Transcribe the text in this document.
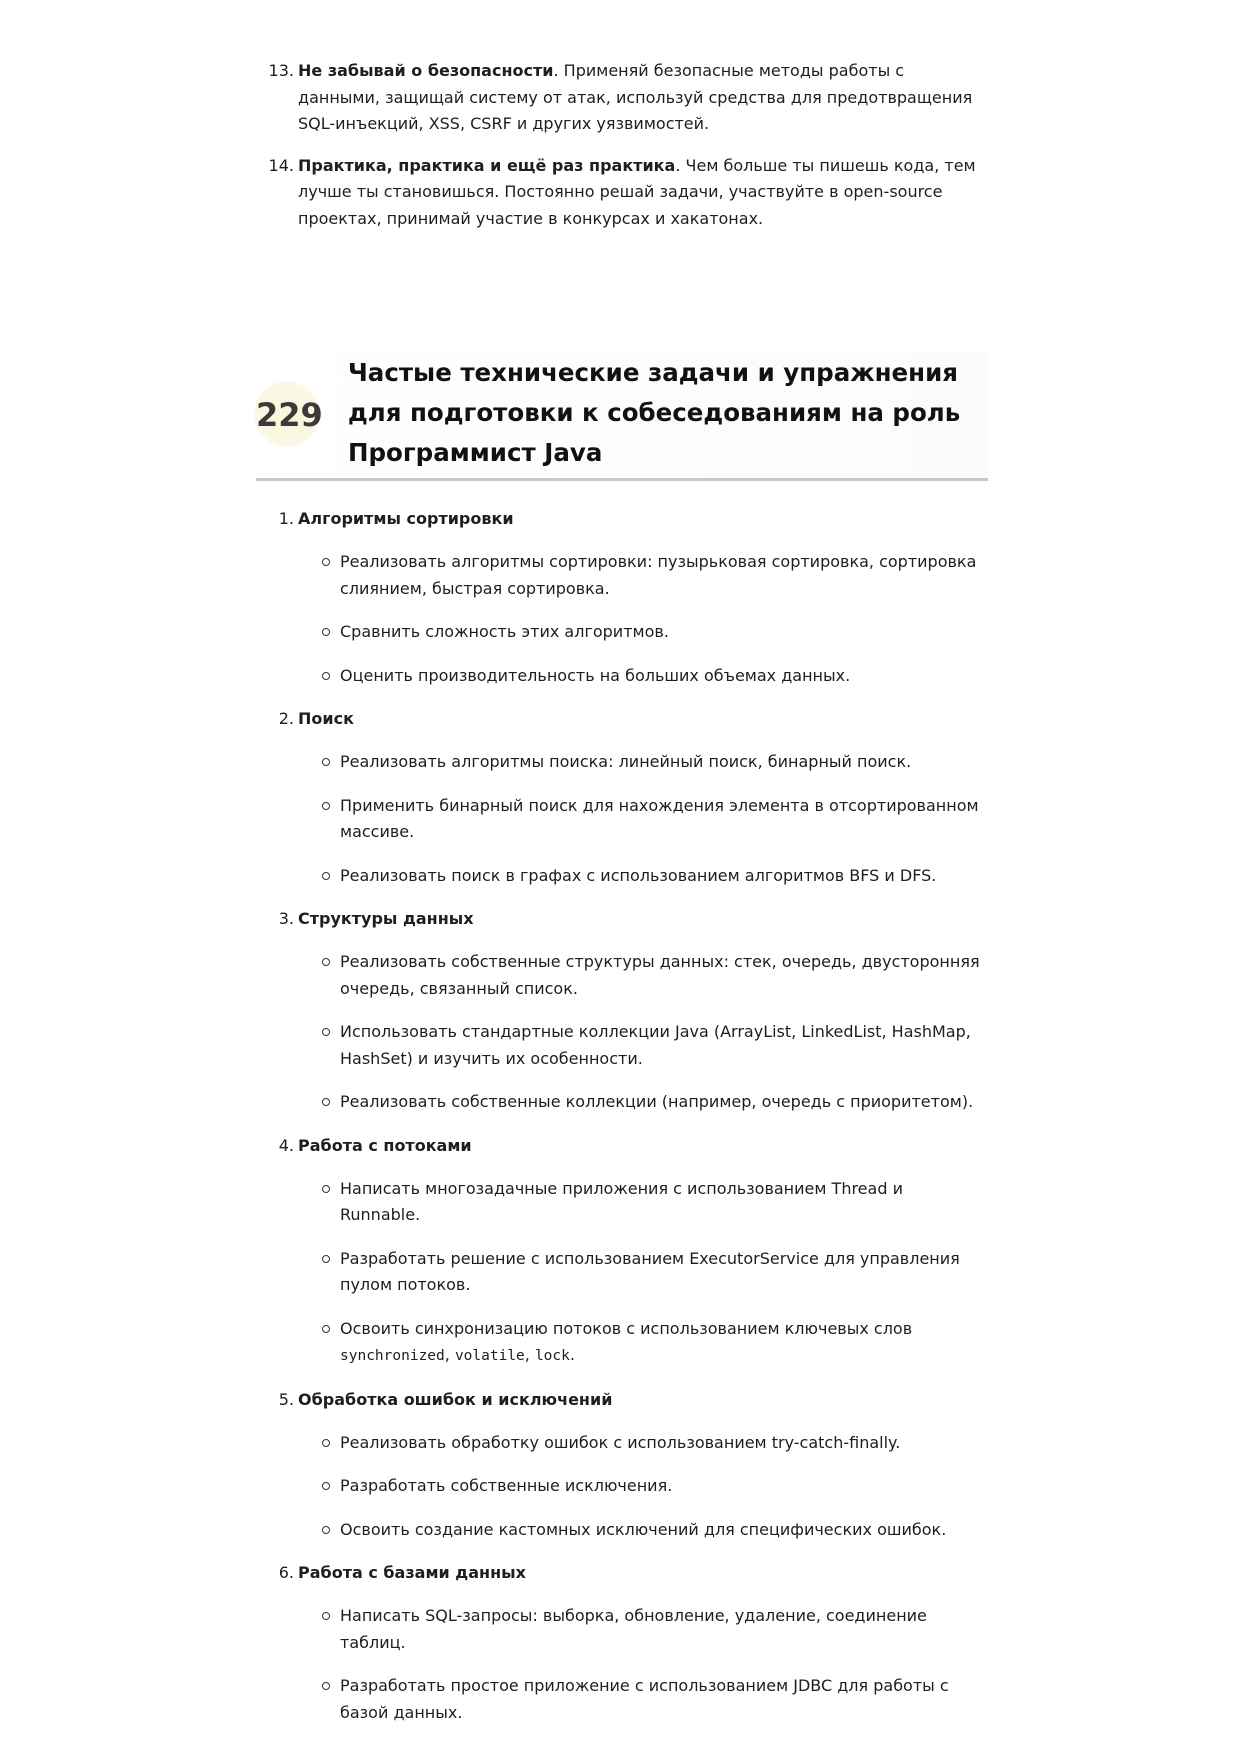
13. Не забывай о безопасности. Применяй безопасные методы работы с данными, защищай систему от атак, используй средства для предотвращения SQL-инъекций, XSS, CSRF и других уязвимостей.
14. Практика, практика и ещё раз практика. Чем больше ты пишешь кода, тем лучше ты становишься. Постоянно решай задачи, участвуйте в open-source проектах, принимай участие в конкурсах и хакатонах.
229
Частые технические задачи и упражнения для подготовки к собеседованиям на роль Программист Java
1. Алгоритмы сортировки
Реализовать алгоритмы сортировки: пузырьковая сортировка, сортировка слиянием, быстрая сортировка.
Сравнить сложность этих алгоритмов.
Оценить производительность на больших объемах данных.
2. Поиск
Реализовать алгоритмы поиска: линейный поиск, бинарный поиск.
Применить бинарный поиск для нахождения элемента в отсортированном массиве.
Реализовать поиск в графах с использованием алгоритмов BFS и DFS.
3. Структуры данных
Реализовать собственные структуры данных: стек, очередь, двусторонняя очередь, связанный список.
Использовать стандартные коллекции Java (ArrayList, LinkedList, HashMap, HashSet) и изучить их особенности.
Реализовать собственные коллекции (например, очередь с приоритетом).
4. Работа с потоками
Написать многозадачные приложения с использованием Thread и Runnable.
Разработать решение с использованием ExecutorService для управления пулом потоков.
Освоить синхронизацию потоков с использованием ключевых слов synchronized, volatile, lock.
5. Обработка ошибок и исключений
Реализовать обработку ошибок с использованием try-catch-finally.
Разработать собственные исключения.
Освоить создание кастомных исключений для специфических ошибок.
6. Работа с базами данных
Написать SQL-запросы: выборка, обновление, удаление, соединение таблиц.
Разработать простое приложение с использованием JDBC для работы с базой данных.
